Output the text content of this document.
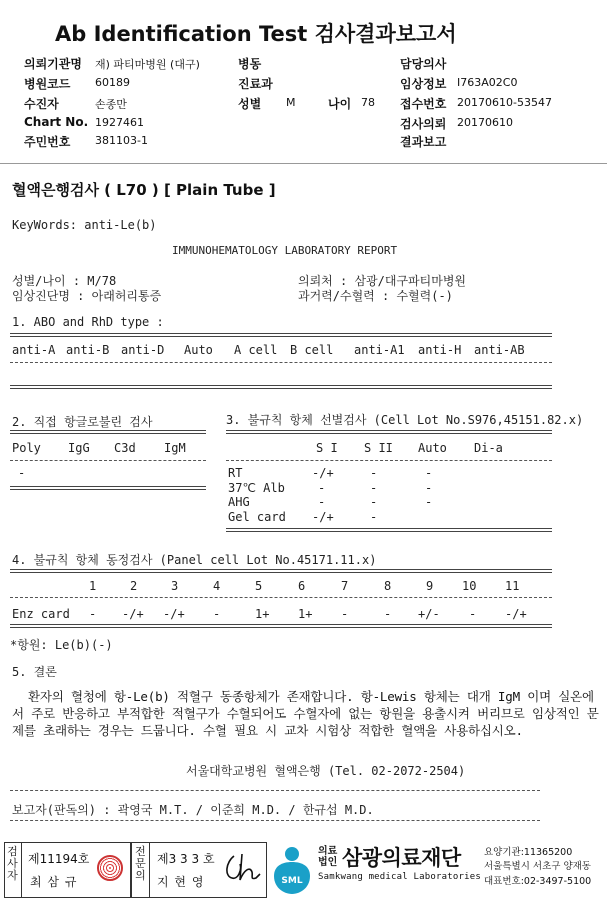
Ab Identification Test 검사결과보고서
의뢰기관명 재) 파티마병원 (대구)
병원코드 60189
수진자	손종만
Chart No. 1927461
주민번호 381103-1
병동
진료과
성별 M	나이 78
담당의사
임상정보 I763A02C0
접수번호 20170610-53547
검사의뢰 20170610
결과보고
혈액은행검사 ( L70 ) [ Plain Tube ]
KeyWords: anti-Le(b)
IMMUNOHEMATOLOGY LABORATORY REPORT
성별/나이 : M/78
임상진단명 : 아래허리통증
의뢰처 : 삼광/대구파티마병원
과거력/수혈력 : 수혈력(-)
1. ABO and RhD type :
anti-A anti-B anti-D Auto A cell B cell anti-A1 anti-H anti-AB
2. 직접 항글로불린 검사
Poly IgG C3d IgM
-
3. 불규칙 항체 선별검사 (Cell Lot No.S976,45151.82.x)
S I S II Auto Di-a
RT	-/+	-	-
37℃ Alb	-	-	-
AHG	-	-	-
Gel card -/+	-
4. 불규칙 항체 동정검사 (Panel cell Lot No.45171.11.x)
1	2	3	4	5	6	7	8	9 10 11
Enz card - -/+ -/+ -	1+ 1+ -	- +/- - -/+
*항원: Le(b)(-)
5. 결론
환자의 혈청에 항-Le(b) 적혈구 동종항체가 존재합니다. 항-Lewis 항체는 대개 IgM 이며 실온에서 주로 반응하고 부적합한 적혈구가 수혈되어도 수혈자에 없는 항원을 용출시켜 버리므로 임상적인 문제를 초래하는 경우는 드뭅니다. 수혈 필요 시 교차 시험상 적합한 혈액을 사용하십시오.
서울대학교병원 혈액은행 (Tel. 02-2072-2504)
보고자(판독의) : 곽영국 M.T. / 이준희 M.D. / 한규섭 M.D.
검사자
제11194호
최 삼 규
전문의
제3 3 3 호
지 현 영	SML
의료법인 삼광의료재단
Samkwang medical Laboratories
요양기관:11365200
서울특별시 서초구 양재동
대표번호:02-3497-5100
